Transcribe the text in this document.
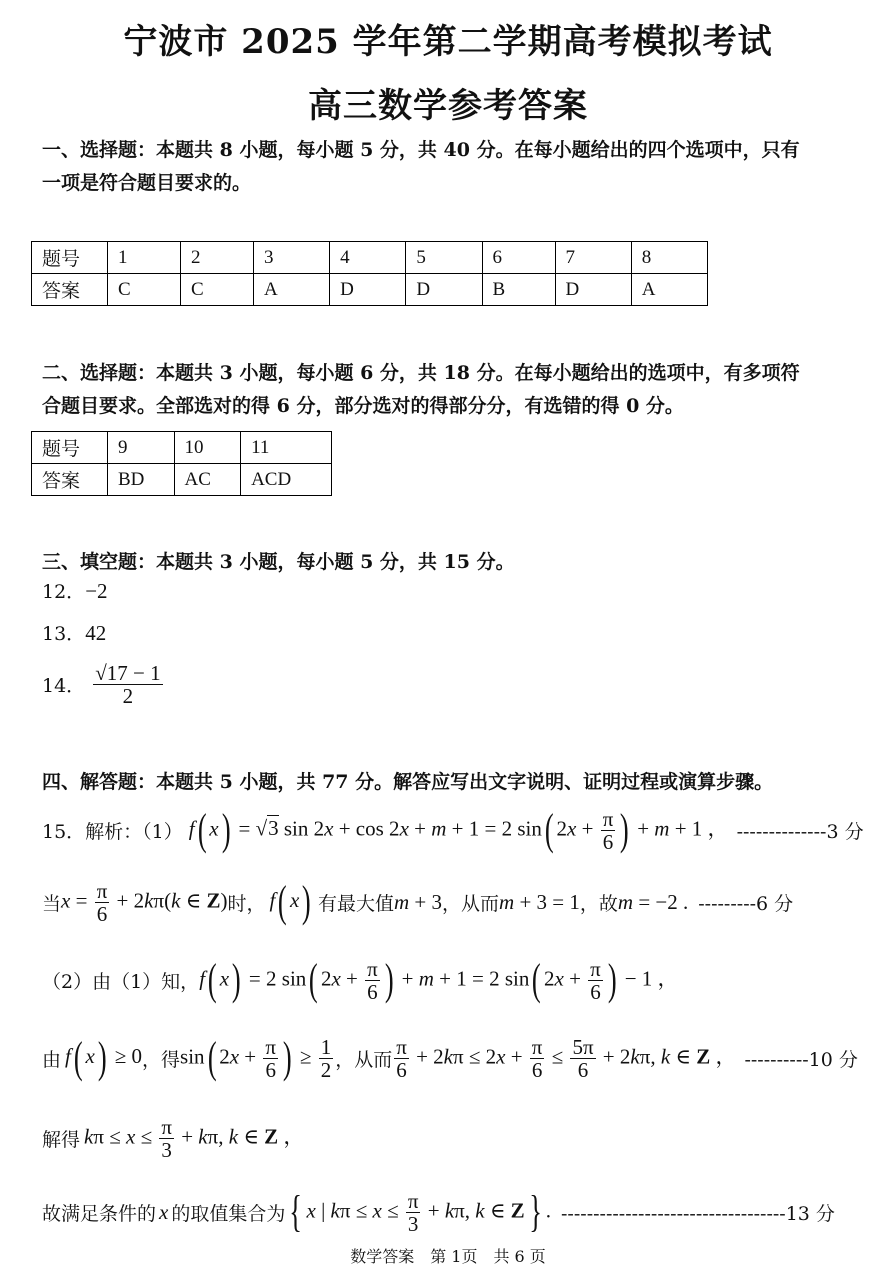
宁波市 2025 学年第二学期高考模拟考试
高三数学参考答案
一、选择题：本题共 8 小题，每小题 5 分，共 40 分。在每小题给出的四个选项中，只有
一项是符合题目要求的。
题号	1	2	3	4	5	6	7	8
答案	C	C	A	D	D	B	D	A
二、选择题：本题共 3 小题，每小题 6 分，共 18 分。在每小题给出的选项中，有多项符
合题目要求。全部选对的得 6 分，部分选对的得部分分，有选错的得 0 分。
题号	9	10	11
答案	BD	AC	ACD
三、填空题：本题共 3 小题，每小题 5 分，共 15 分。
12．−2
13．42
14． $\frac{√17 - 1}{2}$
四、解答题：本题共 5 小题，共 77 分。解答应写出文字说明、证明过程或演算步骤。
15．解析：（1） f( x) = √3 sin 2x + cos 2x + m + 1 = 2 sin( $2x + \frac{\pi}{6}$ ) + m + 1 ， --------------3 分
当 $x = \frac{\pi}{6} + 2k\pi(k$ ∈ Z) 时， f( x) 有最大值 m + 3 ，从而 m + 3 = 1 ，故 m = −2 . ---------6 分
（2）由（1）知， f( x) = 2 sin( $2x + \frac{\pi}{6}$ ) + m + 1 = 2 sin( $2x + \frac{\pi}{6}$ ) − 1 ，
由 f( x) ≥ 0 ，得 sin( $2x + \frac{\pi}{6}$ ) ≥ $\frac{1}{2}$ ，从而 $\frac{\pi}{6} + 2k\pi \le 2x + \frac{\pi}{6} \le \frac{5\pi}{6} + 2k\pi$, k ∈ Z ， ----------10 分
解得 $k\pi \le x \le \frac{\pi}{3} + k\pi$, k ∈ Z ，
故满足条件的 x 的取值集合为 { x | $k\pi \le x \le \frac{\pi}{3} + k\pi$, k ∈ Z} . -----------------------------------13 分
数学答案　第 1页　共 6 页
